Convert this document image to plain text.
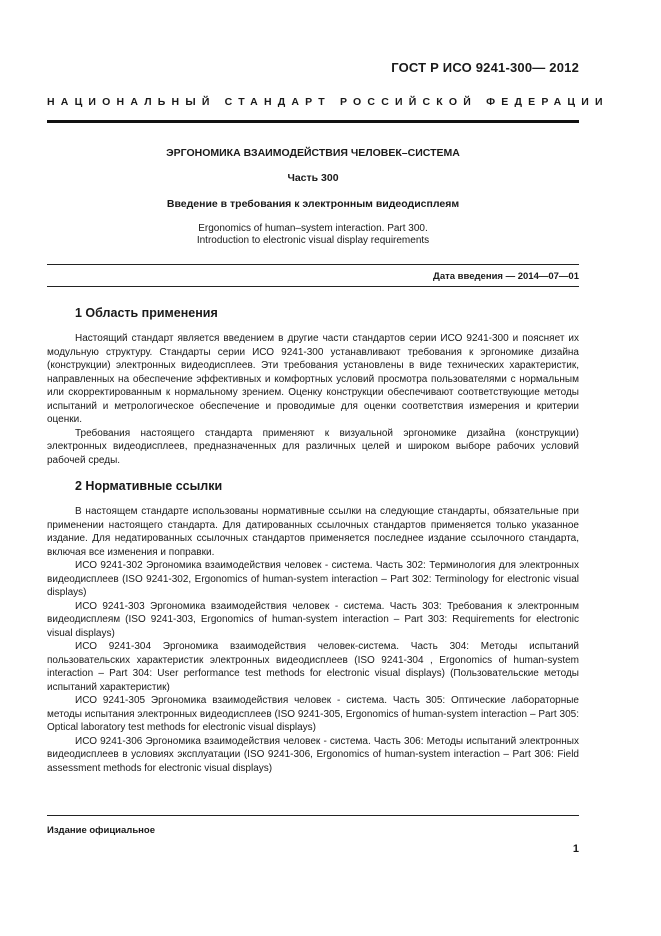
ГОСТ Р ИСО 9241-300— 2012
НАЦИОНАЛЬНЫЙ СТАНДАРТ РОССИЙСКОЙ ФЕДЕРАЦИИ
ЭРГОНОМИКА ВЗАИМОДЕЙСТВИЯ ЧЕЛОВЕК–СИСТЕМА
Часть 300
Введение в требования к электронным видеодисплеям
Ergonomics of human–system interaction. Part 300.
Introduction to electronic visual display requirements
Дата введения — 2014—07—01
1 Область применения

Настоящий стандарт является введением в другие части стандартов серии ИСО 9241-300 и поясняет их модульную структуру. Стандарты серии ИСО 9241-300 устанавливают требования к эргономике дизайна (конструкции) электронных видеодисплеев. Эти требования установлены в виде технических характеристик, направленных на обеспечение эффективных и комфортных условий просмотра пользователями с нормальным или скорректированным к нормальному зрением. Оценку конструкции обеспечивают соответствующие методы испытаний и метрологическое обеспечение и проводимые для оценки соответствия измерения и критерии оценки.

Требования настоящего стандарта применяют к визуальной эргономике дизайна (конструкции) электронных видеодисплеев, предназначенных для различных целей и широком выборе рабочих условий рабочей среды.

2 Нормативные ссылки

В настоящем стандарте использованы нормативные ссылки на следующие стандарты, обязательные при применении настоящего стандарта. Для датированных ссылочных стандартов применяется только указанное издание. Для недатированных ссылочных стандартов применяется последнее издание ссылочного стандарта, включая все изменения и поправки.

ИСО 9241-302 Эргономика взаимодействия человек - система. Часть 302: Терминология для электронных видеодисплеев (ISO 9241-302, Ergonomics of human-system interaction – Part 302: Terminology for electronic visual displays)

ИСО 9241-303 Эргономика взаимодействия человек - система. Часть 303: Требования к электронным видеодисплеям (ISO 9241-303, Ergonomics of human-system interaction – Part 303: Requirements for electronic visual displays)

ИСО 9241-304 Эргономика взаимодействия человек-система. Часть 304: Методы испытаний пользовательских характеристик электронных видеодисплеев (ISO 9241-304 , Ergonomics of human-system interaction – Part 304: User performance test methods for electronic visual displays) (Пользовательские методы испытаний характеристик)

ИСО 9241-305 Эргономика взаимодействия человек - система. Часть 305: Оптические лабораторные методы испытания электронных видеодисплеев (ISO 9241-305, Ergonomics of human-system interaction – Part 305: Optical laboratory test methods for electronic visual displays)

ИСО 9241-306 Эргономика взаимодействия человек - система. Часть 306: Методы испытаний электронных видеодисплеев в условиях эксплуатации (ISO 9241-306, Ergonomics of human-system interaction – Part 306: Field assessment methods for electronic visual displays)

Издание официальное
1
